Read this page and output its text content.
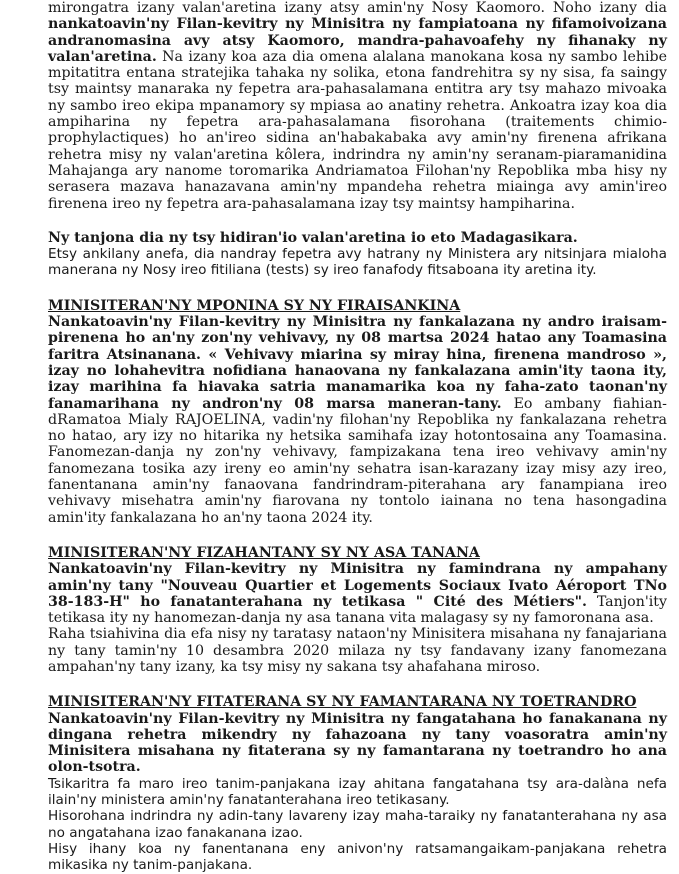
mirongatra izany valan'aretina izany atsy amin'ny Nosy Kaomoro. Noho izany dia nankatoavin'ny Filan-kevitry ny Minisitra ny fampiatoana ny fifamoivoizana andranomasina avy atsy Kaomoro, mandra-pahavoafehy ny fihanaky ny valan'aretina. Na izany koa aza dia omena alalana manokana kosa ny sambo lehibe mpitatitra entana stratejika tahaka ny solika, etona fandrehitra sy ny sisa, fa saingy tsy maintsy manaraka ny fepetra ara-pahasalamana entitra ary tsy mahazo mivoaka ny sambo ireo ekipa mpanamory sy mpiasa ao anatiny rehetra. Ankoatra izay koa dia ampiharina ny fepetra ara-pahasalamana fisorohana (traitements chimio-prophylactiques) ho an'ireo sidina an'habakabaka avy amin'ny firenena afrikana rehetra misy ny valan'aretina kôlera, indrindra ny amin'ny seranam-piaramanidina Mahajanga ary nanome toromarika Andriamatoa Filohan'ny Repoblika mba hisy ny serasera mazava hanazavana amin'ny mpandeha rehetra miainga avy amin'ireo firenena ireo ny fepetra ara-pahasalamana izay tsy maintsy hampiharina.

Ny tanjona dia ny tsy hidiran'io valan'aretina io eto Madagasikara.

Etsy ankilany anefa, dia nandray fepetra avy hatrany ny Ministera ary nitsinjara mialoha manerana ny Nosy ireo fitiliana (tests) sy ireo fanafody fitsaboana ity aretina ity.

MINISITERAN'NY MPONINA SY NY FIRAISANKINA

Nankatoavin'ny Filan-kevitry ny Minisitra ny fankalazana ny andro iraisam-pirenena ho an'ny zon'ny vehivavy, ny 08 martsa 2024 hatao any Toamasina faritra Atsinanana. « Vehivavy miarina sy miray hina, firenena mandroso », izay no lohahevitra nofidiana hanaovana ny fankalazana amin'ity taona ity, izay marihina fa hiavaka satria manamarika koa ny faha-zato taonan'ny fanamarihana ny andron'ny 08 marsa maneran-tany. Eo ambany fiahian-dRamatoa Mialy RAJOELINA, vadin'ny filohan'ny Repoblika ny fankalazana rehetra no hatao, ary izy no hitarika ny hetsika samihafa izay hotontosaina any Toamasina. Fanomezan-danja ny zon'ny vehivavy, fampizakana tena ireo vehivavy amin'ny fanomezana tosika azy ireny eo amin'ny sehatra isan-karazany izay misy azy ireo, fanentanana amin'ny fanaovana fandrindram-piterahana ary fanampiana ireo vehivavy misehatra amin'ny fiarovana ny tontolo iainana no tena hasongadina amin'ity fankalazana ho an'ny taona 2024 ity.

MINISITERAN'NY FIZAHANTANY SY NY ASA TANANA

Nankatoavin'ny Filan-kevitry ny Minisitra ny famindrana ny ampahany amin'ny tany "Nouveau Quartier et Logements Sociaux Ivato Aéroport TNo 38-183-H" ho fanatanterahana ny tetikasa " Cité des Métiers". Tanjon'ity tetikasa ity ny hanomezan-danja ny asa tanana vita malagasy sy ny famoronana asa.

Raha tsiahivina dia efa nisy ny taratasy nataon'ny Minisitera misahana ny fanajariana ny tany tamin'ny 10 desambra 2020 milaza ny tsy fandavany izany fanomezana ampahan'ny tany izany, ka tsy misy ny sakana tsy ahafahana miroso.

MINISITERAN'NY FITATERANA SY NY FAMANTARANA NY TOETRANDRO

Nankatoavin'ny Filan-kevitry ny Minisitra ny fangatahana ho fanakanana ny dingana rehetra mikendry ny fahazoana ny tany voasoratra amin'ny Minisitera misahana ny fitaterana sy ny famantarana ny toetrandro ho ana olon-tsotra.

Tsikaritra fa maro ireo tanim-panjakana izay ahitana fangatahana tsy ara-dalàna nefa ilain'ny ministera amin'ny fanatanterahana ireo tetikasany.

Hisorohana indrindra ny adin-tany lavareny izay maha-taraiky ny fanatanterahana ny asa no angatahana izao fanakanana izao.

Hisy ihany koa ny fanentanana eny anivon'ny ratsamangaikam-panjakana rehetra mikasika ny tanim-panjakana.
